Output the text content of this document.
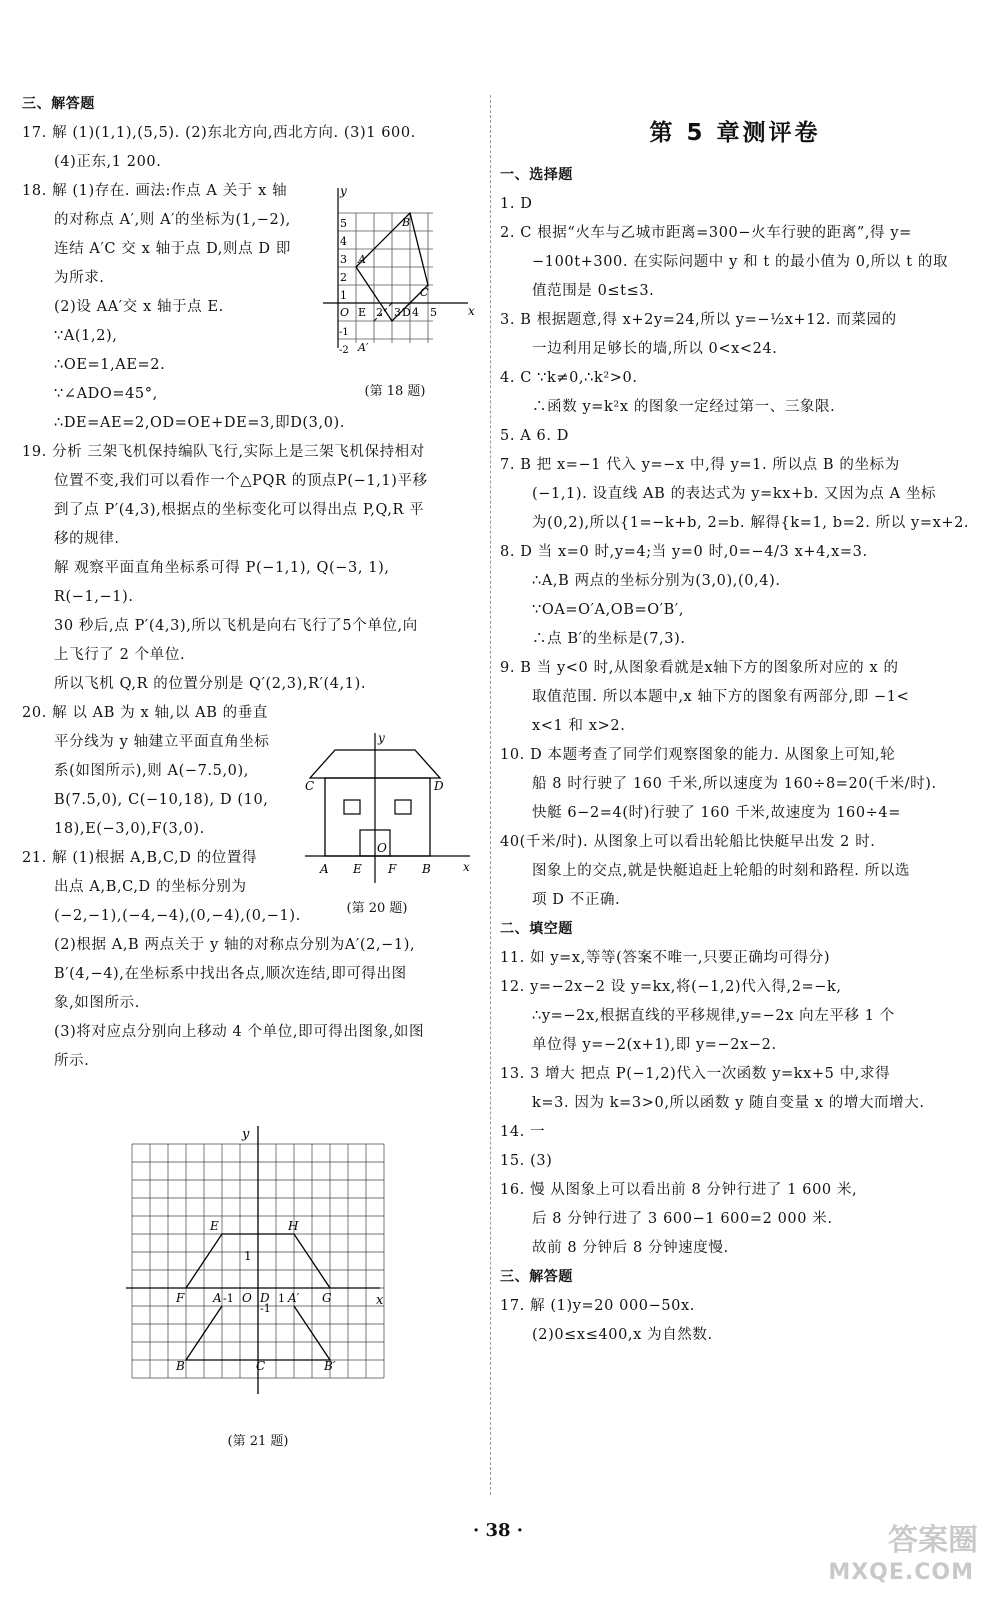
三、解答题
17. 解 (1)(1,1),(5,5). (2)东北方向,西北方向. (3)1 600.
(4)正东,1 200.
18. 解 (1)存在. 画法:作点 A 关于 x 轴
的对称点 A′,则 A′的坐标为(1,−2),
连结 A′C 交 x 轴于点 D,则点 D 即
为所求.
(2)设 AA′交 x 轴于点 E.
∵A(1,2),
∴OE=1,AE=2.
∵∠ADO=45°,
∴DE=AE=2,OD=OE+DE=3,即D(3,0).
19. 分析 三架飞机保持编队飞行,实际上是三架飞机保持相对
位置不变,我们可以看作一个△PQR 的顶点P(−1,1)平移
到了点 P′(4,3),根据点的坐标变化可以得出点 P,Q,R 平
移的规律.
解 观察平面直角坐标系可得 P(−1,1), Q(−3, 1),
R(−1,−1).
30 秒后,点 P′(4,3),所以飞机是向右飞行了5个单位,向
上飞行了 2 个单位.
所以飞机 Q,R 的位置分别是 Q′(2,3),R′(4,1).
20. 解 以 AB 为 x 轴,以 AB 的垂直
平分线为 y 轴建立平面直角坐标
系(如图所示),则 A(−7.5,0),
B(7.5,0), C(−10,18), D (10,
18),E(−3,0),F(3,0).
21. 解 (1)根据 A,B,C,D 的位置得
出点 A,B,C,D 的坐标分别为
(−2,−1),(−4,−4),(0,−4),(0,−1).
(2)根据 A,B 两点关于 y 轴的对称点分别为A′(2,−1),
B′(4,−4),在坐标系中找出各点,顺次连结,即可得出图
象,如图所示.
(3)将对应点分别向上移动 4 个单位,即可得出图象,如图
所示.
y
x
O E 2 3 D 4 5
1
2
3
4
5
-1
-2
A
B
C
A′
(第 18 题)
y
x
C	D
O
A E F B
(第 20 题)
y
x
E	H
1
F A -1 O D 1 A′ G
-1
B	C	B′
(第 21 题)
第 5 章测评卷
一、选择题
1. D
2. C 根据“火车与乙城市距离=300−火车行驶的距离”,得 y=
−100t+300. 在实际问题中 y 和 t 的最小值为 0,所以 t 的取
值范围是 0≤t≤3.
3. B 根据题意,得 x+2y=24,所以 y=−½x+12. 而菜园的
一边利用足够长的墙,所以 0<x<24.
4. C ∵k≠0,∴k²>0.
∴函数 y=k²x 的图象一定经过第一、三象限.
5. A 6. D
7. B 把 x=−1 代入 y=−x 中,得 y=1. 所以点 B 的坐标为
(−1,1). 设直线 AB 的表达式为 y=kx+b. 又因为点 A 坐标
为(0,2),所以{1=−k+b, 2=b. 解得{k=1, b=2. 所以 y=x+2.
8. D 当 x=0 时,y=4;当 y=0 时,0=−4/3 x+4,x=3.
∴A,B 两点的坐标分别为(3,0),(0,4).
∵OA=O′A,OB=O′B′,
∴点 B′的坐标是(7,3).
9. B 当 y<0 时,从图象看就是x轴下方的图象所对应的 x 的
取值范围. 所以本题中,x 轴下方的图象有两部分,即 −1<
x<1 和 x>2.
10. D 本题考查了同学们观察图象的能力. 从图象上可知,轮
船 8 时行驶了 160 千米,所以速度为 160÷8=20(千米/时).
快艇 6−2=4(时)行驶了 160 千米,故速度为 160÷4=
40(千米/时). 从图象上可以看出轮船比快艇早出发 2 时.
图象上的交点,就是快艇追赶上轮船的时刻和路程. 所以选
项 D 不正确.
二、填空题
11. 如 y=x,等等(答案不唯一,只要正确均可得分)
12. y=−2x−2 设 y=kx,将(−1,2)代入得,2=−k,
∴y=−2x,根据直线的平移规律,y=−2x 向左平移 1 个
单位得 y=−2(x+1),即 y=−2x−2.
13. 3 增大 把点 P(−1,2)代入一次函数 y=kx+5 中,求得
k=3. 因为 k=3>0,所以函数 y 随自变量 x 的增大而增大.
14. 一
15. (3)
16. 慢 从图象上可以看出前 8 分钟行进了 1 600 米,
后 8 分钟行进了 3 600−1 600=2 000 米.
故前 8 分钟后 8 分钟速度慢.
三、解答题
17. 解 (1)y=20 000−50x.
(2)0≤x≤400,x 为自然数.
· 38 ·	答案圈
MXQE.COM
